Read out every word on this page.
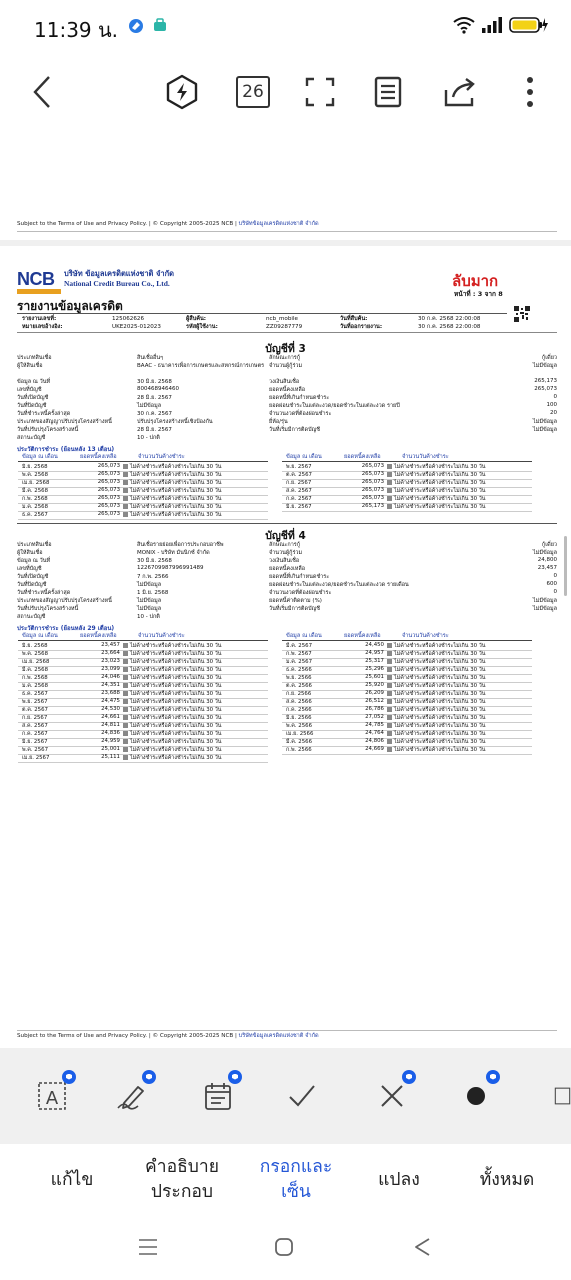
11:39 น.
26
Subject to the Terms of Use and Privacy Policy. | © Copyright 2005-2025 NCB | บริษัทข้อมูลเครดิตแห่งชาติ จำกัด
NCB	บริษัท ข้อมูลเครดิตแห่งชาติ จำกัด
National Credit Bureau Co., Ltd.	ลับมาก
หน้าที่ : 3 จาก 8
รายงานข้อมูลเครดิต
รายงานเลขที่:	125062626	ผู้สืบค้น:	ncb_mobile	วันที่สืบค้น:	30 ก.ค. 2568 22:00:08
หมายเลขอ้างอิง:	UKE2025-012023	รหัสผู้ใช้งาน:	ZZ09287779	วันที่ออกรายงาน:	30 ก.ค. 2568 22:00:08
บัญชีที่ 3
ประเภทสินเชื่อ	สินเชื่ออื่นๆ	ลักษณะการกู้	กู้เดี่ยว
ผู้ให้สินเชื่อ	BAAC - ธนาคารเพื่อการเกษตรและสหกรณ์การเกษตร จำนวนผู้กู้ร่วม	ไม่มีข้อมูล
ข้อมูล ณ วันที่	30 มิ.ย. 2568	วงเงินสินเชื่อ	265,173
เลขที่บัญชี	800468946460	ยอดหนี้คงเหลือ	265,073
วันที่เปิดบัญชี	28 มิ.ย. 2567	ยอดหนี้ที่เกินกำหนดชำระ	0
วันที่ปิดบัญชี	ไม่มีข้อมูล	ยอดผ่อนชำระในแต่ละงวด/ยอดชำระในแต่ละงวด รายปี	100
วันที่ชำระหนี้ครั้งล่าสุด	30 ก.ค. 2567	จำนวนงวดที่ต้องผ่อนชำระ	20
ประเภทของสัญญาปรับปรุงโครงสร้างหนี้	ปรับปรุงโครงสร้างหนี้เชิงป้องกัน	ยี่ห้อ/รุ่น	ไม่มีข้อมูล
วันที่ปรับปรุงโครงสร้างหนี้	28 มิ.ย. 2567	วันที่เริ่มมีการติดบัญชี	ไม่มีข้อมูล
สถานะบัญชี	10 - ปกติ
ประวัติการชำระ (ย้อนหลัง 13 เดือน)
ข้อมูล ณ เดือน	ยอดหนี้คงเหลือ	จำนวนวันค้างชำระ	ข้อมูล ณ เดือน	ยอดหนี้คงเหลือ	จำนวนวันค้างชำระ
มิ.ย. 2568	265,073	ไม่ค้างชำระหรือค้างชำระไม่เกิน 30 วัน
พ.ค. 2568	265,073	ไม่ค้างชำระหรือค้างชำระไม่เกิน 30 วัน
เม.ย. 2568	265,073	ไม่ค้างชำระหรือค้างชำระไม่เกิน 30 วัน
มี.ค. 2568	265,073	ไม่ค้างชำระหรือค้างชำระไม่เกิน 30 วัน
ก.พ. 2568	265,073	ไม่ค้างชำระหรือค้างชำระไม่เกิน 30 วัน
ม.ค. 2568	265,073	ไม่ค้างชำระหรือค้างชำระไม่เกิน 30 วัน
ธ.ค. 2567	265,073	ไม่ค้างชำระหรือค้างชำระไม่เกิน 30 วัน
พ.ย. 2567	265,073	ไม่ค้างชำระหรือค้างชำระไม่เกิน 30 วัน
ต.ค. 2567	265,073	ไม่ค้างชำระหรือค้างชำระไม่เกิน 30 วัน
ก.ย. 2567	265,073	ไม่ค้างชำระหรือค้างชำระไม่เกิน 30 วัน
ส.ค. 2567	265,073	ไม่ค้างชำระหรือค้างชำระไม่เกิน 30 วัน
ก.ค. 2567	265,073	ไม่ค้างชำระหรือค้างชำระไม่เกิน 30 วัน
มิ.ย. 2567	265,173	ไม่ค้างชำระหรือค้างชำระไม่เกิน 30 วัน
บัญชีที่ 4
ประเภทสินเชื่อ	สินเชื่อรายย่อยเพื่อการประกอบอาชีพ	ลักษณะการกู้	กู้เดี่ยว
ผู้ให้สินเชื่อ	MONIX - บริษัท มันนิกซ์ จำกัด	จำนวนผู้กู้ร่วม	ไม่มีข้อมูล
ข้อมูล ณ วันที่	30 มิ.ย. 2568	วงเงินสินเชื่อ	24,800
เลขที่บัญชี	1226709987996991489	ยอดหนี้คงเหลือ	23,457
วันที่เปิดบัญชี	7 ก.พ. 2566	ยอดหนี้ที่เกินกำหนดชำระ	0
วันที่ปิดบัญชี	ไม่มีข้อมูล	ยอดผ่อนชำระในแต่ละงวด/ยอดชำระในแต่ละงวด รายเดือน	600
วันที่ชำระหนี้ครั้งล่าสุด	1 มิ.ย. 2568	จำนวนงวดที่ต้องผ่อนชำระ	0
ประเภทของสัญญาปรับปรุงโครงสร้างหนี้	ไม่มีข้อมูล	ยอดหนี้ค่าติดตาม (%)	ไม่มีข้อมูล
วันที่ปรับปรุงโครงสร้างหนี้	ไม่มีข้อมูล	วันที่เริ่มมีการติดบัญชี	ไม่มีข้อมูล
สถานะบัญชี	10 - ปกติ
ประวัติการชำระ (ย้อนหลัง 29 เดือน)
ข้อมูล ณ เดือน	ยอดหนี้คงเหลือ	จำนวนวันค้างชำระ	ข้อมูล ณ เดือน	ยอดหนี้คงเหลือ	จำนวนวันค้างชำระ
มิ.ย. 2568	23,457	ไม่ค้างชำระหรือค้างชำระไม่เกิน 30 วัน
พ.ค. 2568	23,664	ไม่ค้างชำระหรือค้างชำระไม่เกิน 30 วัน
เม.ย. 2568	23,023	ไม่ค้างชำระหรือค้างชำระไม่เกิน 30 วัน
มี.ค. 2568	23,099	ไม่ค้างชำระหรือค้างชำระไม่เกิน 30 วัน
ก.พ. 2568	24,046	ไม่ค้างชำระหรือค้างชำระไม่เกิน 30 วัน
ม.ค. 2568	24,351	ไม่ค้างชำระหรือค้างชำระไม่เกิน 30 วัน
ธ.ค. 2567	23,688	ไม่ค้างชำระหรือค้างชำระไม่เกิน 30 วัน
พ.ย. 2567	24,475	ไม่ค้างชำระหรือค้างชำระไม่เกิน 30 วัน
ต.ค. 2567	24,530	ไม่ค้างชำระหรือค้างชำระไม่เกิน 30 วัน
ก.ย. 2567	24,661	ไม่ค้างชำระหรือค้างชำระไม่เกิน 30 วัน
ส.ค. 2567	24,811	ไม่ค้างชำระหรือค้างชำระไม่เกิน 30 วัน
ก.ค. 2567	24,836	ไม่ค้างชำระหรือค้างชำระไม่เกิน 30 วัน
มิ.ย. 2567	24,959	ไม่ค้างชำระหรือค้างชำระไม่เกิน 30 วัน
พ.ค. 2567	25,001	ไม่ค้างชำระหรือค้างชำระไม่เกิน 30 วัน
เม.ย. 2567	25,111	ไม่ค้างชำระหรือค้างชำระไม่เกิน 30 วัน
มี.ค. 2567	24,450	ไม่ค้างชำระหรือค้างชำระไม่เกิน 30 วัน
ก.พ. 2567	24,957	ไม่ค้างชำระหรือค้างชำระไม่เกิน 30 วัน
ม.ค. 2567	25,317	ไม่ค้างชำระหรือค้างชำระไม่เกิน 30 วัน
ธ.ค. 2566	25,296	ไม่ค้างชำระหรือค้างชำระไม่เกิน 30 วัน
พ.ย. 2566	25,601	ไม่ค้างชำระหรือค้างชำระไม่เกิน 30 วัน
ต.ค. 2566	25,920	ไม่ค้างชำระหรือค้างชำระไม่เกิน 30 วัน
ก.ย. 2566	26,209	ไม่ค้างชำระหรือค้างชำระไม่เกิน 30 วัน
ส.ค. 2566	26,512	ไม่ค้างชำระหรือค้างชำระไม่เกิน 30 วัน
ก.ค. 2566	26,786	ไม่ค้างชำระหรือค้างชำระไม่เกิน 30 วัน
มิ.ย. 2566	27,052	ไม่ค้างชำระหรือค้างชำระไม่เกิน 30 วัน
พ.ค. 2566	24,785	ไม่ค้างชำระหรือค้างชำระไม่เกิน 30 วัน
เม.ย. 2566	24,764	ไม่ค้างชำระหรือค้างชำระไม่เกิน 30 วัน
มี.ค. 2566	24,806	ไม่ค้างชำระหรือค้างชำระไม่เกิน 30 วัน
ก.พ. 2566	24,669	ไม่ค้างชำระหรือค้างชำระไม่เกิน 30 วัน
Subject to the Terms of Use and Privacy Policy. | © Copyright 2005-2025 NCB | บริษัทข้อมูลเครดิตแห่งชาติ จำกัด
A
แก้ไข
คำอธิบาย
ประกอบ
กรอกและ
เซ็น
แปลง	ทั้งหมด
